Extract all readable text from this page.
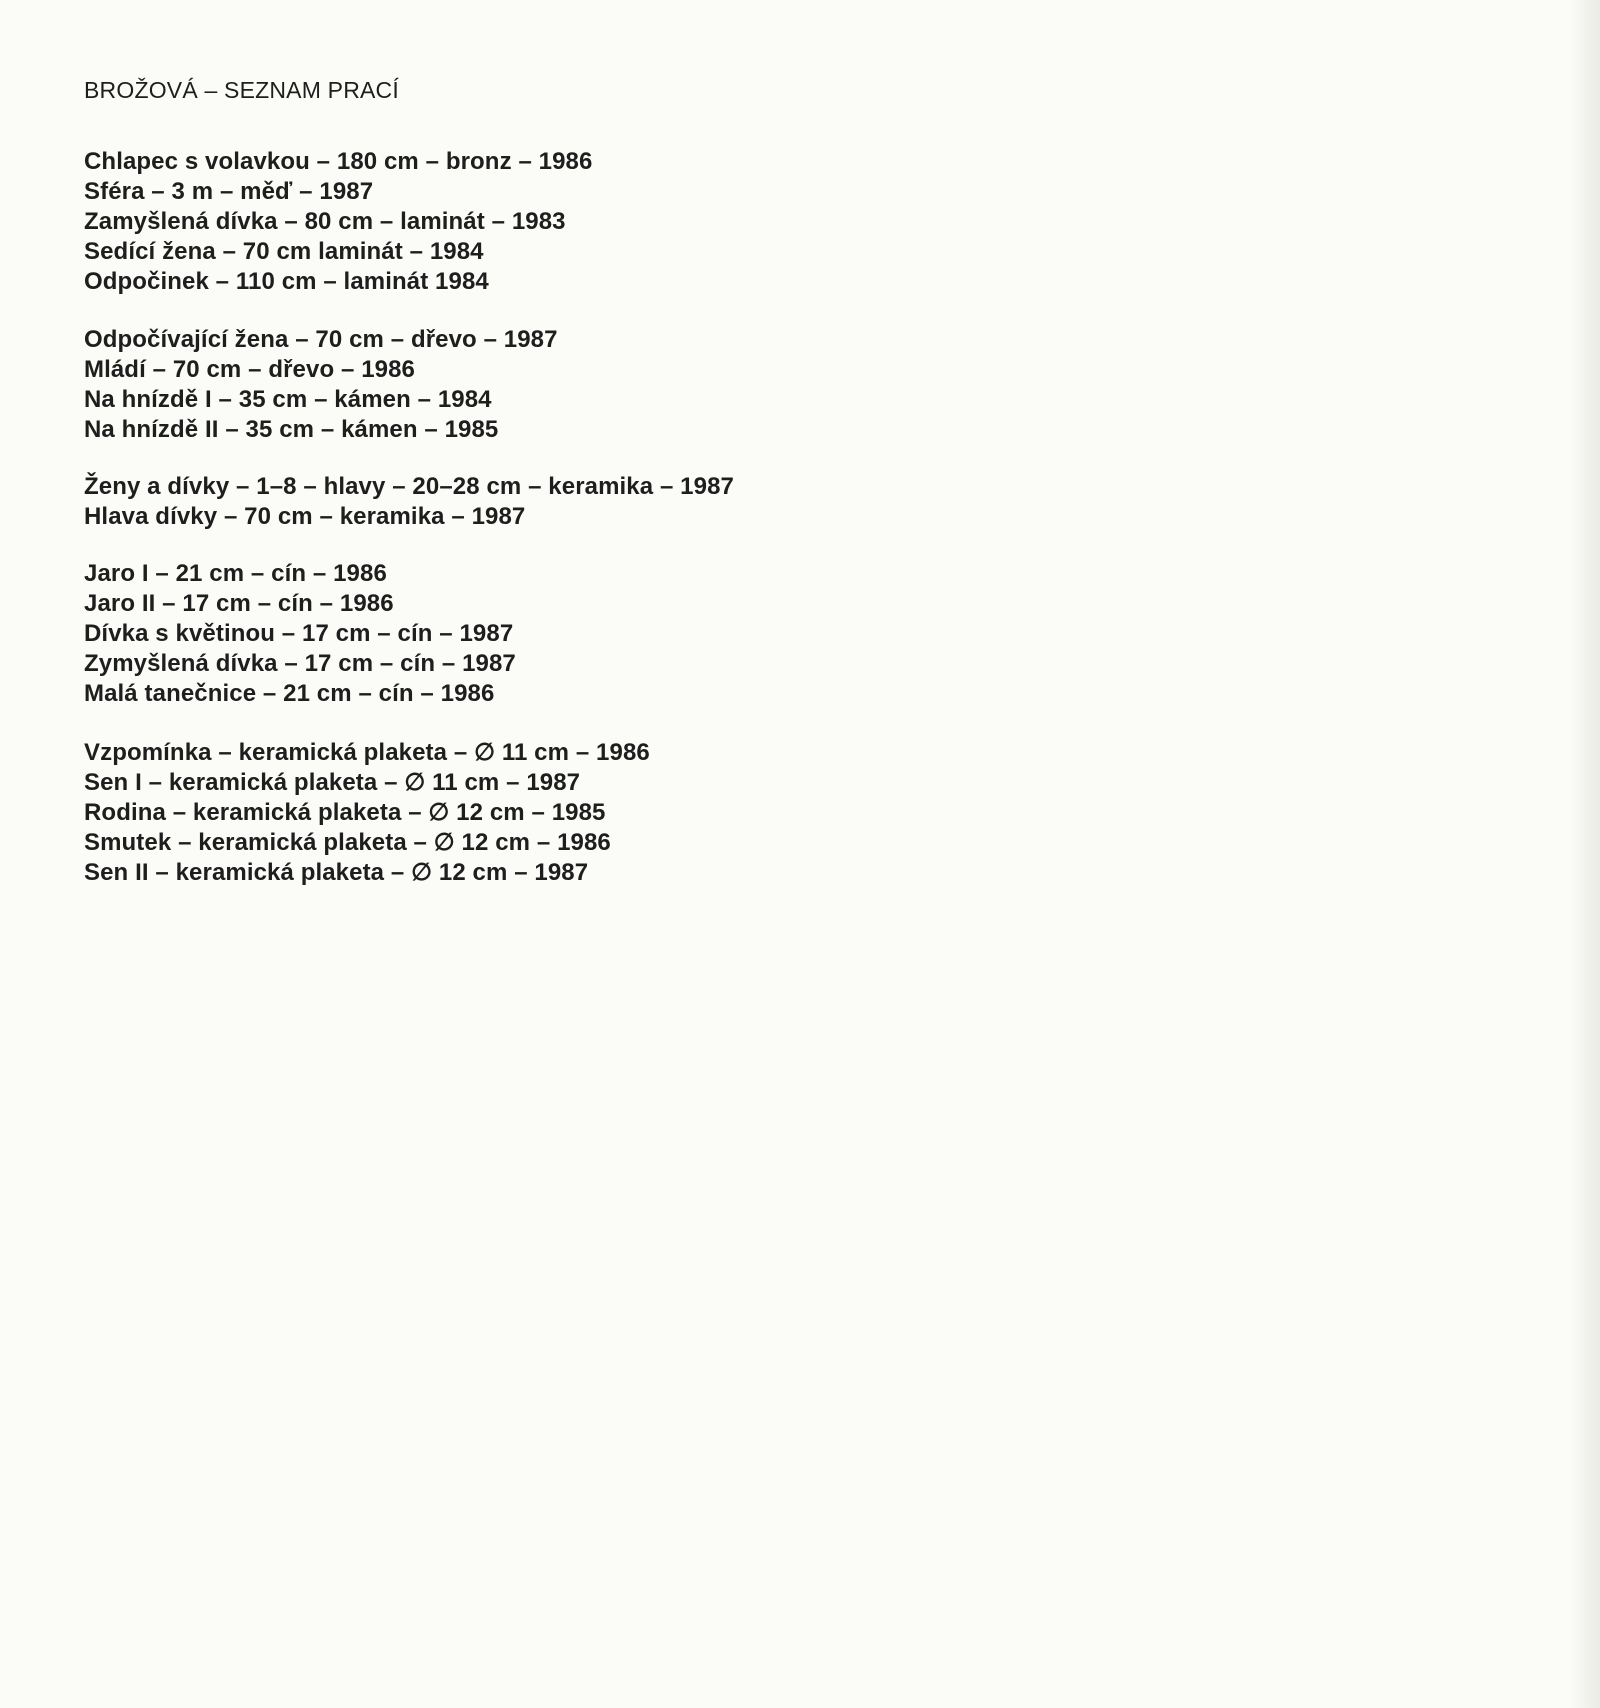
BROŽOVÁ – SEZNAM PRACÍ
Chlapec s volavkou – 180 cm – bronz – 1986
Sféra – 3 m – měď – 1987
Zamyšlená dívka – 80 cm – laminát – 1983
Sedící žena – 70 cm laminát – 1984
Odpočinek – 110 cm – laminát 1984
Odpočívající žena – 70 cm – dřevo – 1987
Mládí – 70 cm – dřevo – 1986
Na hnízdě I – 35 cm – kámen – 1984
Na hnízdě II – 35 cm – kámen – 1985
Ženy a dívky – 1–8 – hlavy – 20–28 cm – keramika – 1987
Hlava dívky – 70 cm – keramika – 1987
Jaro I – 21 cm – cín – 1986
Jaro II – 17 cm – cín – 1986
Dívka s květinou – 17 cm – cín – 1987
Zymyšlená dívka – 17 cm – cín – 1987
Malá tanečnice – 21 cm – cín – 1986
Vzpomínka – keramická plaketa – ∅ 11 cm – 1986
Sen I – keramická plaketa – ∅ 11 cm – 1987
Rodina – keramická plaketa – ∅ 12 cm – 1985
Smutek – keramická plaketa – ∅ 12 cm – 1986
Sen II – keramická plaketa – ∅ 12 cm – 1987
